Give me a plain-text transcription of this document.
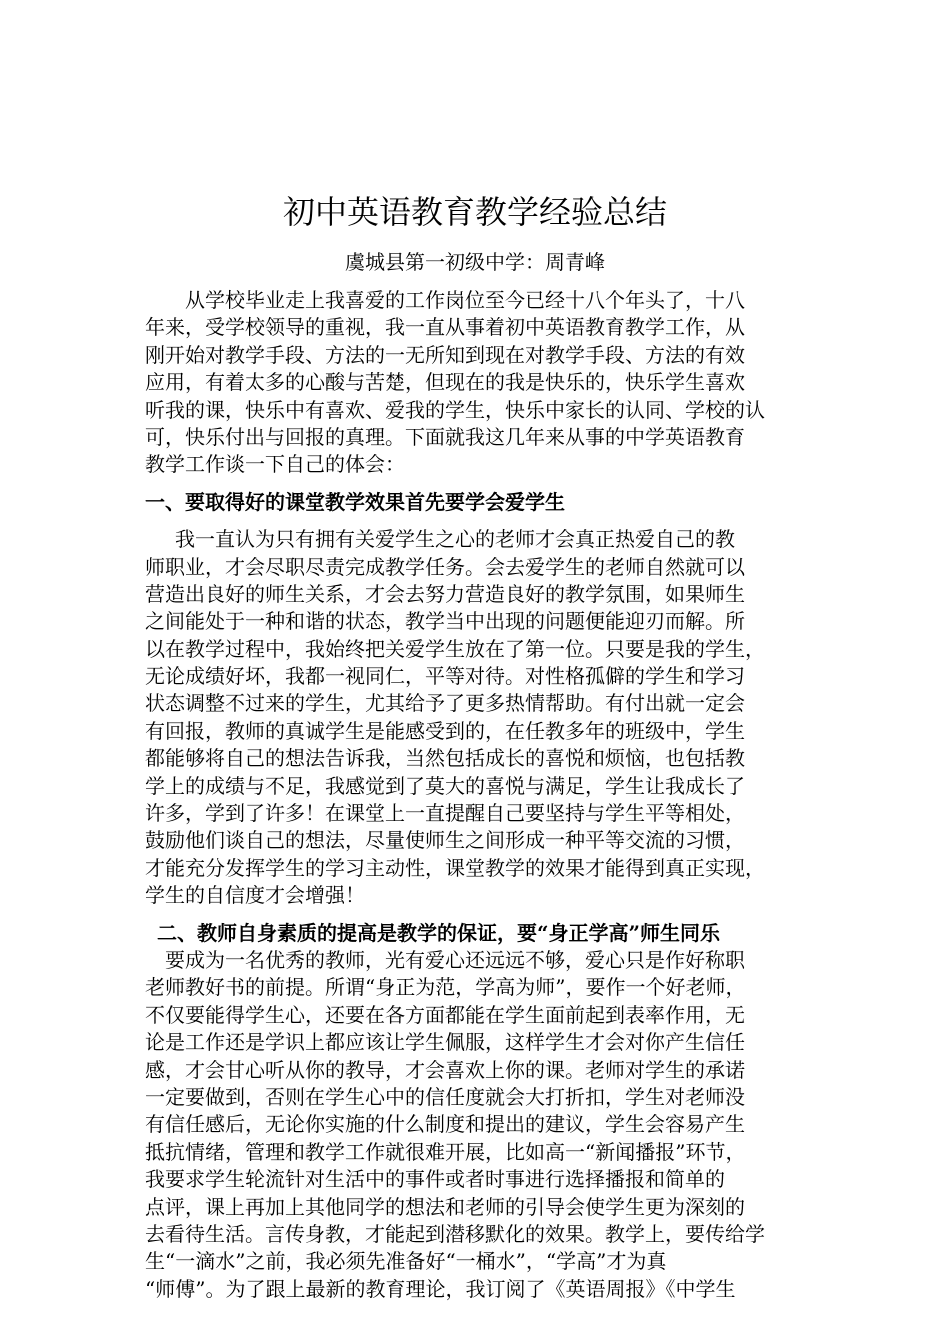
初中英语教育教学经验总结
虞城县第一初级中学：周青峰
从学校毕业走上我喜爱的工作岗位至今已经十八个年头了，十八
年来，受学校领导的重视，我一直从事着初中英语教育教学工作，从
刚开始对教学手段、方法的一无所知到现在对教学手段、方法的有效
应用，有着太多的心酸与苦楚，但现在的我是快乐的，快乐学生喜欢
听我的课，快乐中有喜欢、爱我的学生，快乐中家长的认同、学校的认
可，快乐付出与回报的真理。下面就我这几年来从事的中学英语教育
教学工作谈一下自己的体会：
一、要取得好的课堂教学效果首先要学会爱学生
我一直认为只有拥有关爱学生之心的老师才会真正热爱自己的教
师职业，才会尽职尽责完成教学任务。会去爱学生的老师自然就可以
营造出良好的师生关系，才会去努力营造良好的教学氛围，如果师生
之间能处于一种和谐的状态，教学当中出现的问题便能迎刃而解。所
以在教学过程中，我始终把关爱学生放在了第一位。只要是我的学生，
无论成绩好坏，我都一视同仁，平等对待。对性格孤僻的学生和学习
状态调整不过来的学生，尤其给予了更多热情帮助。有付出就一定会
有回报，教师的真诚学生是能感受到的，在任教多年的班级中，学生
都能够将自己的想法告诉我，当然包括成长的喜悦和烦恼，也包括教
学上的成绩与不足，我感觉到了莫大的喜悦与满足，学生让我成长了
许多，学到了许多！在课堂上一直提醒自己要坚持与学生平等相处，
鼓励他们谈自己的想法，尽量使师生之间形成一种平等交流的习惯，
才能充分发挥学生的学习主动性，课堂教学的效果才能得到真正实现，
学生的自信度才会增强！
二、教师自身素质的提高是教学的保证，要“身正学高”师生同乐
要成为一名优秀的教师，光有爱心还远远不够，爱心只是作好称职
老师教好书的前提。所谓“身正为范，学高为师”，要作一个好老师，
不仅要能得学生心，还要在各方面都能在学生面前起到表率作用，无
论是工作还是学识上都应该让学生佩服，这样学生才会对你产生信任
感，才会甘心听从你的教导，才会喜欢上你的课。老师对学生的承诺
一定要做到，否则在学生心中的信任度就会大打折扣，学生对老师没
有信任感后，无论你实施的什么制度和提出的建议，学生会容易产生
抵抗情绪，管理和教学工作就很难开展，比如高一“新闻播报”环节，
我要求学生轮流针对生活中的事件或者时事进行选择播报和简单的
点评，课上再加上其他同学的想法和老师的引导会使学生更为深刻的
去看待生活。言传身教，才能起到潜移默化的效果。教学上，要传给学
生“一滴水”之前，我必须先准备好“一桶水”，“学高”才为真
“师傅”。为了跟上最新的教育理论，我订阅了《英语周报》《中学生
